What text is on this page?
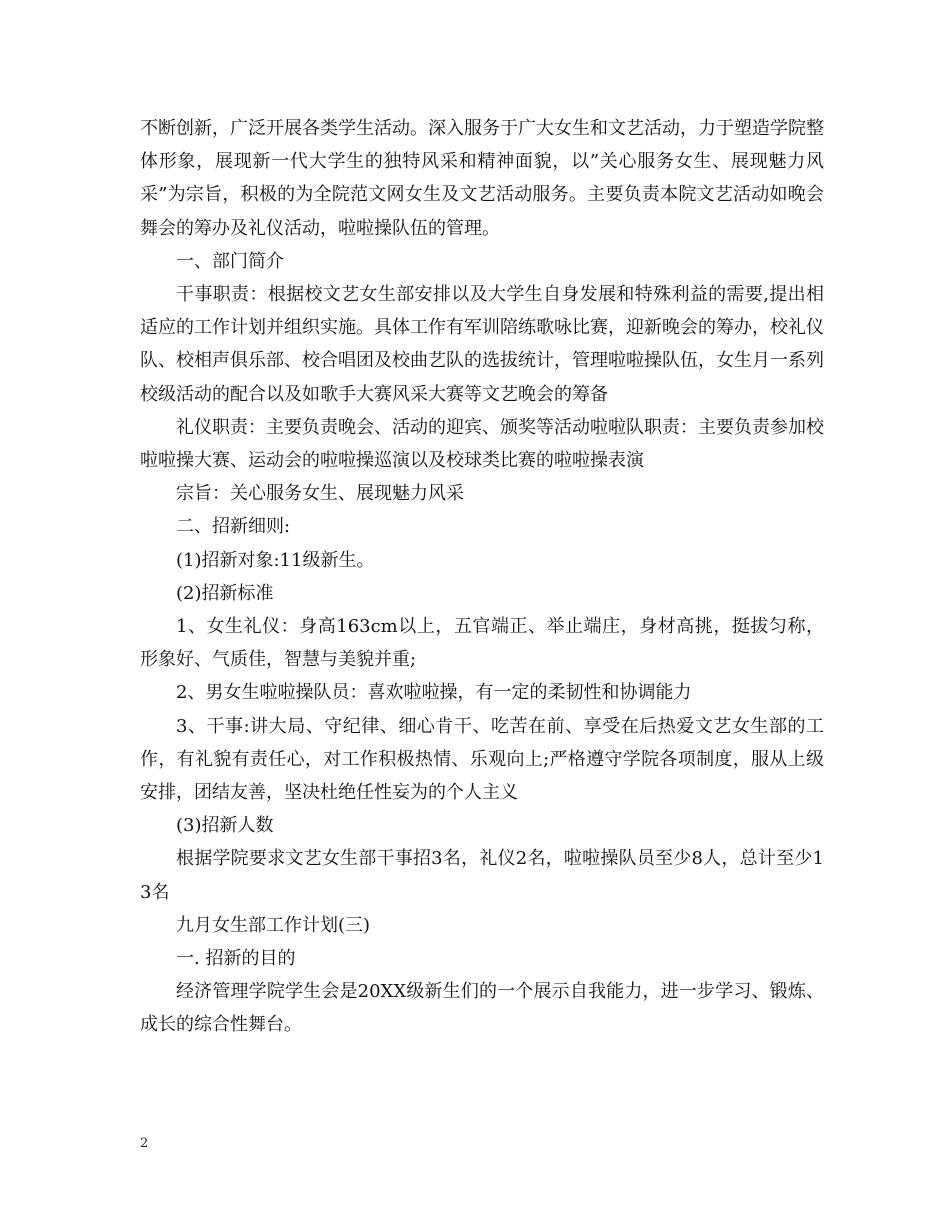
不断创新，广泛开展各类学生活动。深入服务于广大女生和文艺活动，力于塑造学院整体形象，展现新一代大学生的独特风采和精神面貌，以”关心服务女生、展现魅力风采”为宗旨，积极的为全院范文网女生及文艺活动服务。主要负责本院文艺活动如晚会舞会的筹办及礼仪活动，啦啦操队伍的管理。

一、部门简介

干事职责：根据校文艺女生部安排以及大学生自身发展和特殊利益的需要,提出相适应的工作计划并组织实施。具体工作有军训陪练歌咏比赛，迎新晚会的筹办，校礼仪队、校相声俱乐部、校合唱团及校曲艺队的选拔统计，管理啦啦操队伍，女生月一系列校级活动的配合以及如歌手大赛风采大赛等文艺晚会的筹备

礼仪职责：主要负责晚会、活动的迎宾、颁奖等活动啦啦队职责：主要负责参加校啦啦操大赛、运动会的啦啦操巡演以及校球类比赛的啦啦操表演

宗旨：关心服务女生、展现魅力风采

二、招新细则:

(1)招新对象:11级新生。

(2)招新标准

1、女生礼仪：身高163cm以上，五官端正、举止端庄，身材高挑，挺拔匀称，形象好、气质佳，智慧与美貌并重;

2、男女生啦啦操队员：喜欢啦啦操，有一定的柔韧性和协调能力

3、干事:讲大局、守纪律、细心肯干、吃苦在前、享受在后热爱文艺女生部的工作，有礼貌有责任心，对工作积极热情、乐观向上;严格遵守学院各项制度，服从上级安排，团结友善，坚决杜绝任性妄为的个人主义

(3)招新人数

根据学院要求文艺女生部干事招3名，礼仪2名，啦啦操队员至少8人，总计至少13名

九月女生部工作计划(三)

一. 招新的目的

经济管理学院学生会是20XX级新生们的一个展示自我能力，进一步学习、锻炼、成长的综合性舞台。

2
